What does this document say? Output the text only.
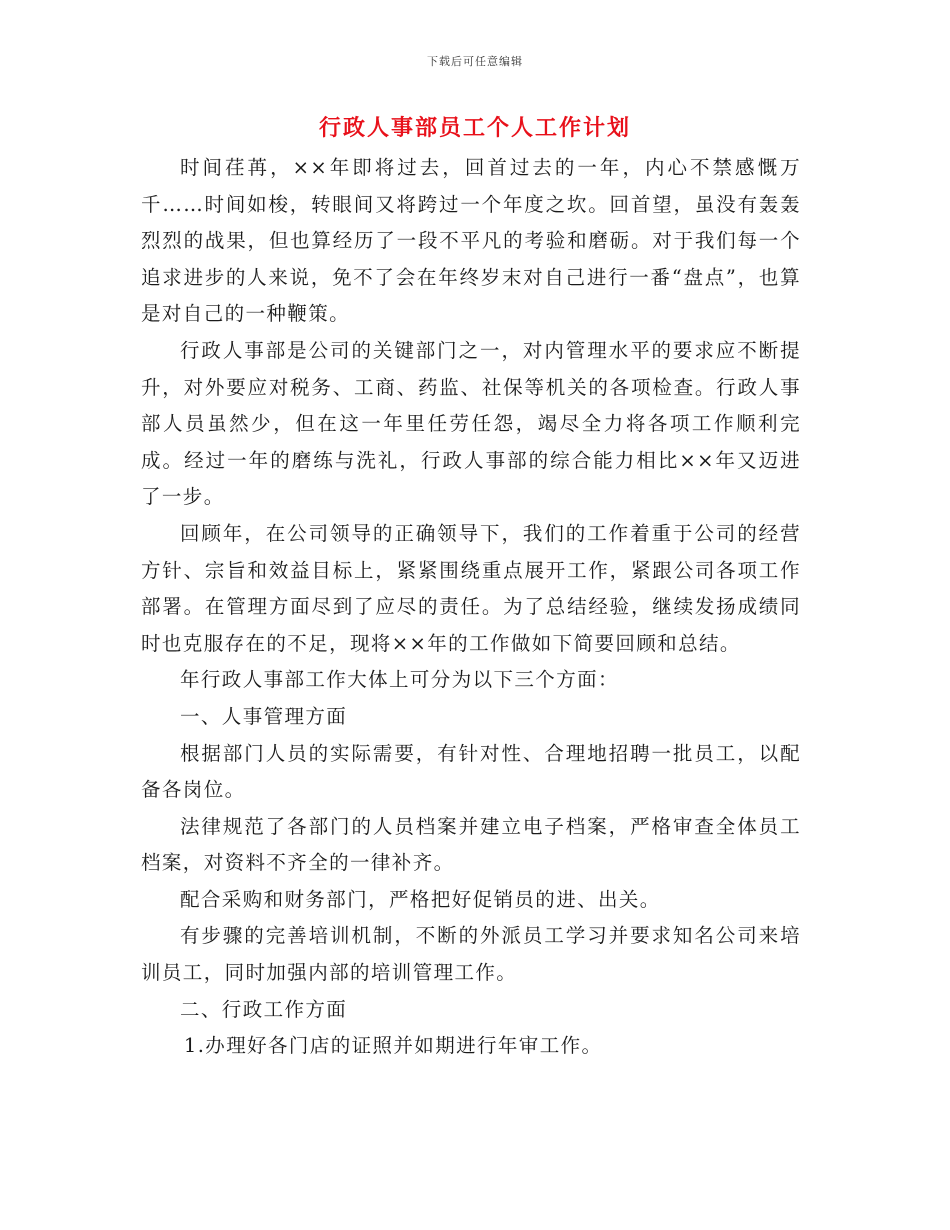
下载后可任意编辑
行政人事部员工个人工作计划

时间荏苒，××年即将过去，回首过去的一年，内心不禁感慨万千……时间如梭，转眼间又将跨过一个年度之坎。回首望，虽没有轰轰烈烈的战果，但也算经历了一段不平凡的考验和磨砺。对于我们每一个追求进步的人来说，免不了会在年终岁末对自己进行一番“盘点”，也算是对自己的一种鞭策。

行政人事部是公司的关键部门之一，对内管理水平的要求应不断提升，对外要应对税务、工商、药监、社保等机关的各项检查。行政人事部人员虽然少，但在这一年里任劳任怨，竭尽全力将各项工作顺利完成。经过一年的磨练与洗礼，行政人事部的综合能力相比××年又迈进了一步。

回顾年，在公司领导的正确领导下，我们的工作着重于公司的经营方针、宗旨和效益目标上，紧紧围绕重点展开工作，紧跟公司各项工作部署。在管理方面尽到了应尽的责任。为了总结经验，继续发扬成绩同时也克服存在的不足，现将××年的工作做如下简要回顾和总结。

年行政人事部工作大体上可分为以下三个方面：

一、人事管理方面

根据部门人员的实际需要，有针对性、合理地招聘一批员工，以配备各岗位。

法律规范了各部门的人员档案并建立电子档案，严格审查全体员工档案，对资料不齐全的一律补齐。

配合采购和财务部门，严格把好促销员的进、出关。

有步骤的完善培训机制，不断的外派员工学习并要求知名公司来培训员工，同时加强内部的培训管理工作。

二、行政工作方面

1.办理好各门店的证照并如期进行年审工作。
